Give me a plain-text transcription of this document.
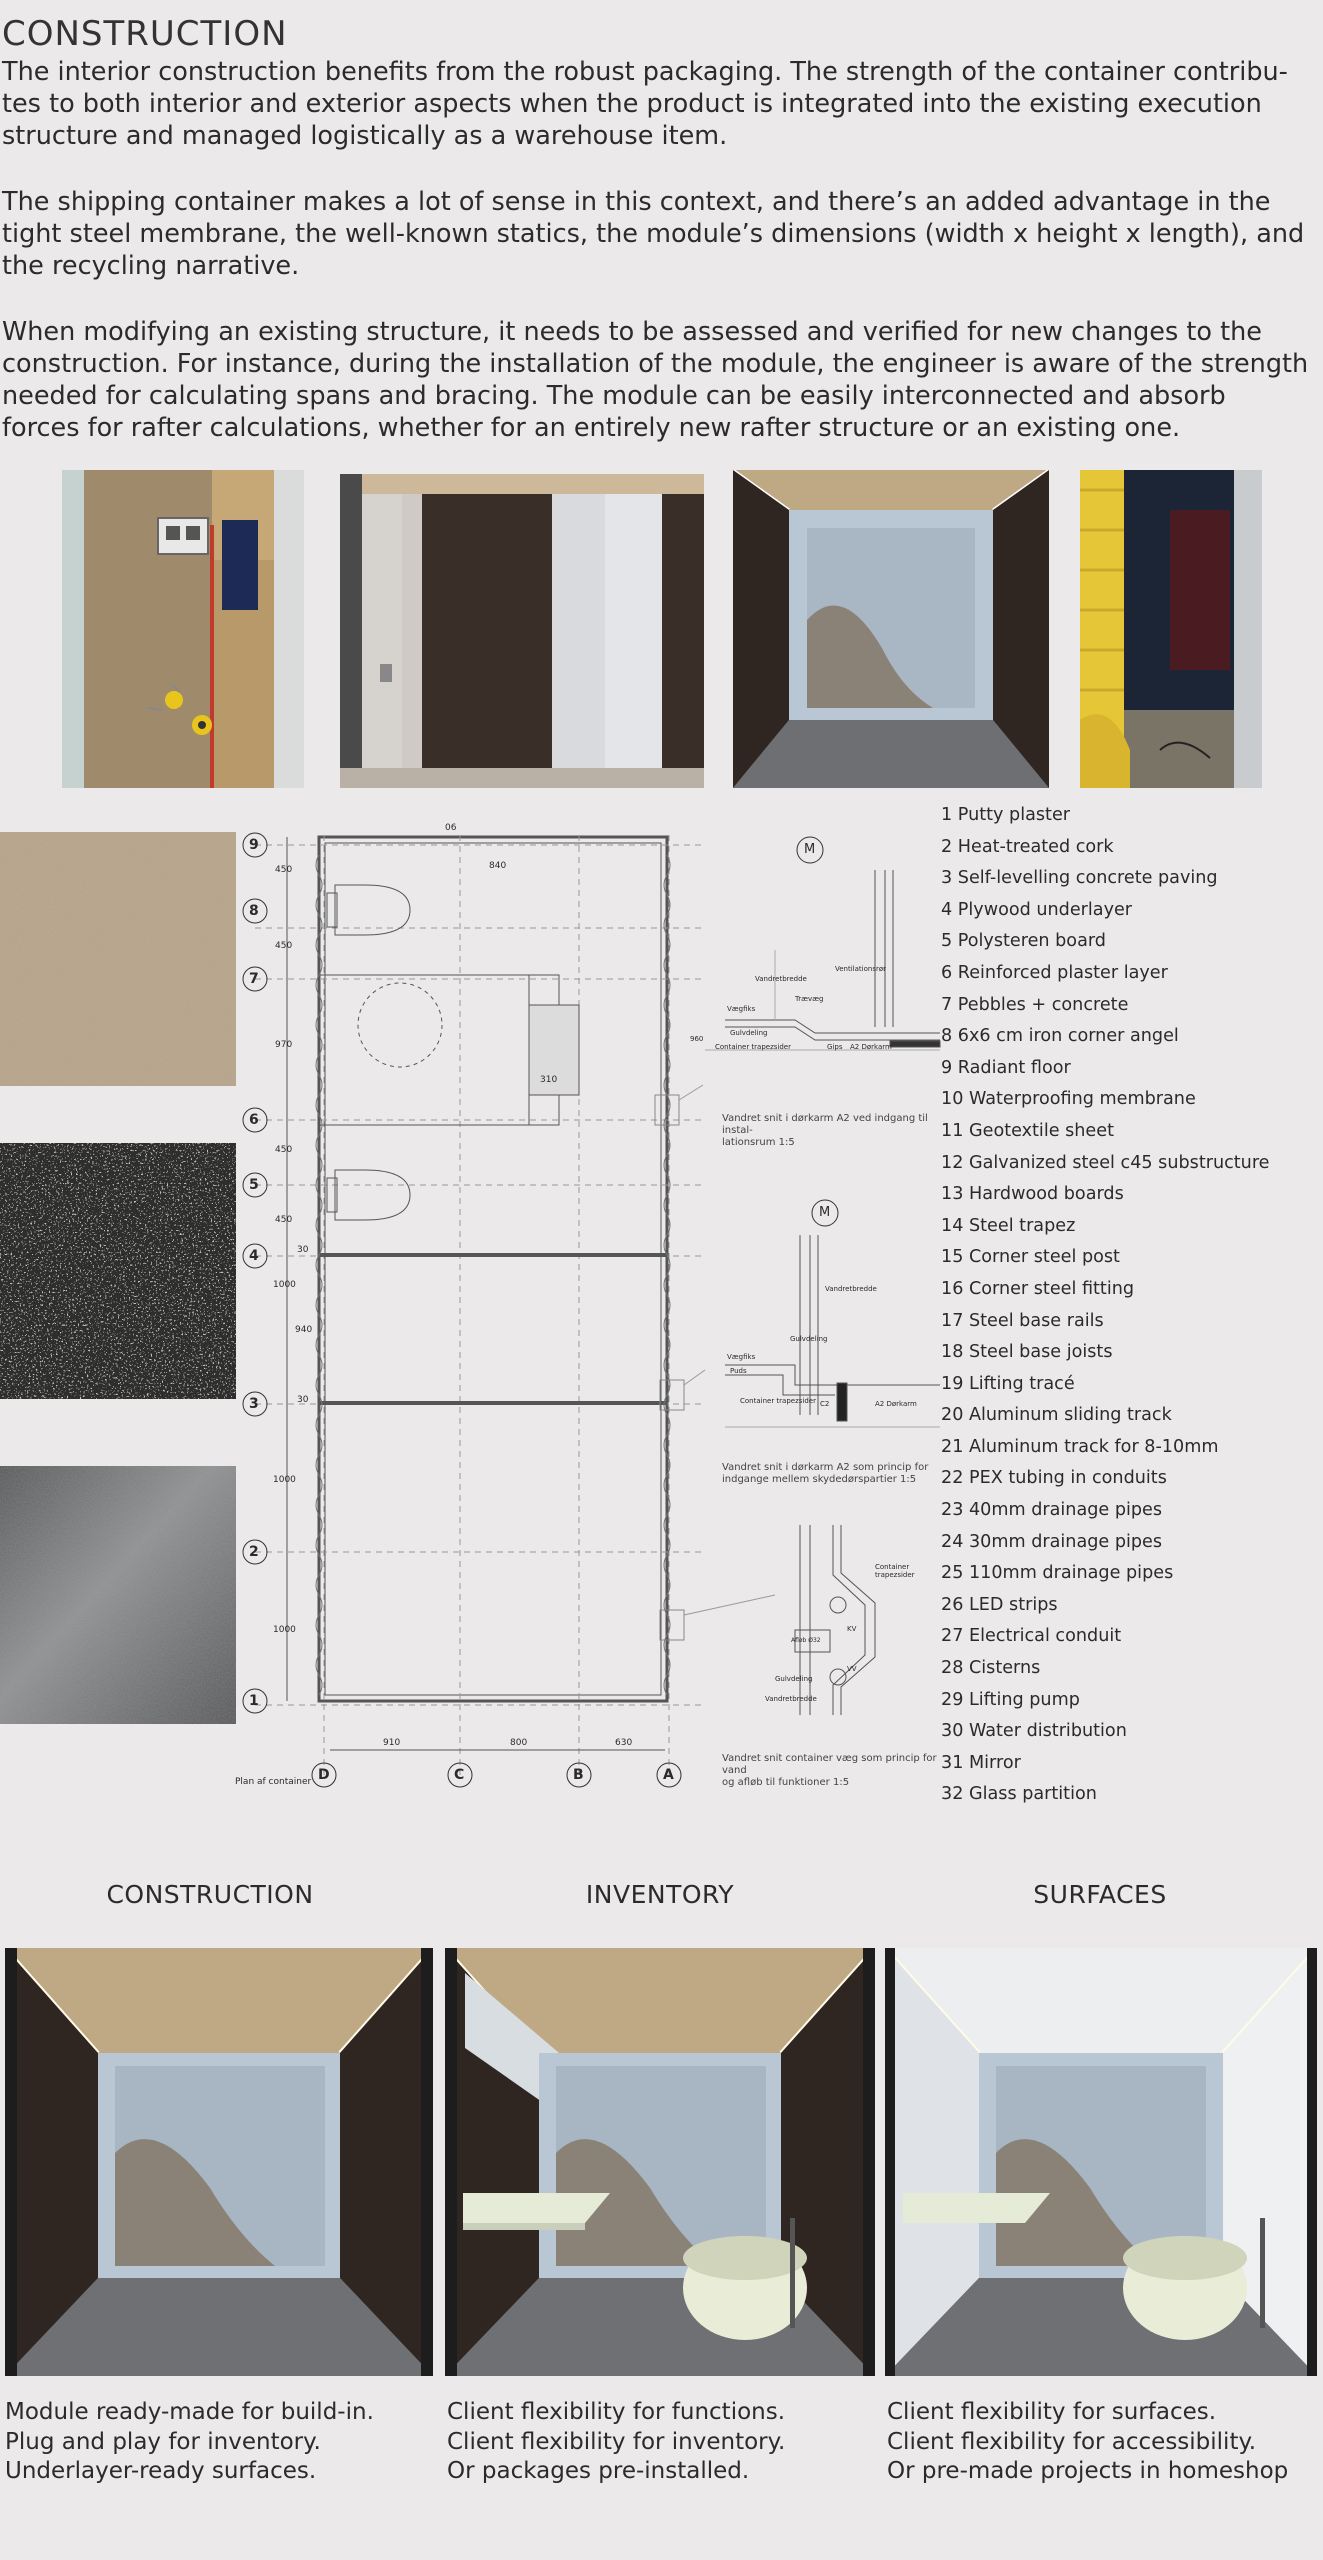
CONSTRUCTION
The interior construction benefits from the robust packaging. The strength of the container contribu-
tes to both interior and exterior aspects when the product is integrated into the existing execution
structure and managed logistically as a warehouse item.
The shipping container makes a lot of sense in this context, and there’s an added advantage in the
tight steel membrane, the well-known statics, the module’s dimensions (width x height x length), and
the recycling narrative.
When modifying an existing structure, it needs to be assessed and verified for new changes to the
construction. For instance, during the installation of the module, the engineer is aware of the strength
needed for calculating spans and bracing. The module can be easily interconnected and absorb
forces for rafter calculations, whether for an entirely new rafter structure or an existing one.
9
8
7
6
5
4
3
2
1
D	C	B	A
450
450
970
450
450
30
1000
940
30
1000
1000
910	800	630
06
840
310
Plan af container
M
M
Vægfiks
Gulvdeling
Container trapezsider	Gips A2 Dørkarm
Trævæg
Vandretbredde
Ventilationsrør
960
Vandret snit i dørkarm A2 ved indgang til instal-
lationsrum 1:5
Vægfiks
Puds
Container trapezsider C2	A2 Dørkarm
Gulvdeling
Vandretbredde
Vandret snit i dørkarm A2 som princip for
indgange mellem skydedørspartier 1:5
Container trapezsider
Afløb Ø32
KV
VV
Gulvdeling
Vandretbredde
Vandret snit container væg som princip for vand
og afløb til funktioner 1:5
1 Putty plaster
2 Heat-treated cork
3 Self-levelling concrete paving
4 Plywood underlayer
5 Polysteren board
6 Reinforced plaster layer
7 Pebbles + concrete
8 6x6 cm iron corner angel
9 Radiant floor
10 Waterproofing membrane
11 Geotextile sheet
12 Galvanized steel c45 substructure
13 Hardwood boards
14 Steel trapez
15 Corner steel post
16 Corner steel fitting
17 Steel base rails
18 Steel base joists
19 Lifting tracé
20 Aluminum sliding track
21 Aluminum track for 8-10mm
22 PEX tubing in conduits
23 40mm drainage pipes
24 30mm drainage pipes
25 110mm drainage pipes
26 LED strips
27 Electrical conduit
28 Cisterns
29 Lifting pump
30 Water distribution
31 Mirror
32 Glass partition
CONSTRUCTION	INVENTORY	SURFACES
Module ready-made for build-in.
Plug and play for inventory.
Underlayer-ready surfaces.
Client flexibility for functions.
Client flexibility for inventory.
Or packages pre-installed.
Client flexibility for surfaces.
Client flexibility for accessibility.
Or pre-made projects in homeshop
